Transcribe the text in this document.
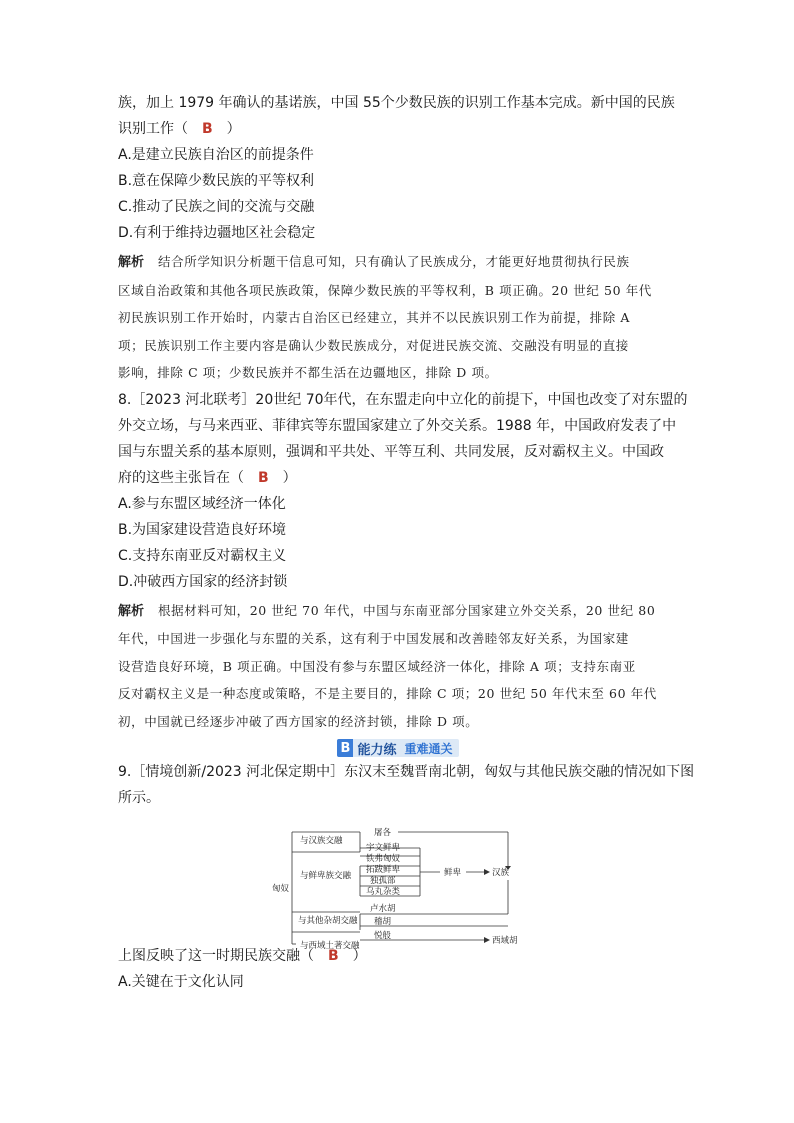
族，加上 1979 年确认的基诺族，中国 55个少数民族的识别工作基本完成。新中国的民族
识别工作（ B ）
A.是建立民族自治区的前提条件
B.意在保障少数民族的平等权利
C.推动了民族之间的交流与交融
D.有利于维持边疆地区社会稳定
解析 结合所学知识分析题干信息可知，只有确认了民族成分，才能更好地贯彻执行民族
区域自治政策和其他各项民族政策，保障少数民族的平等权利，B 项正确。20 世纪 50 年代
初民族识别工作开始时，内蒙古自治区已经建立，其并不以民族识别工作为前提，排除 A
项；民族识别工作主要内容是确认少数民族成分，对促进民族交流、交融没有明显的直接
影响，排除 C 项；少数民族并不都生活在边疆地区，排除 D 项。
8.［2023 河北联考］20世纪 70年代，在东盟走向中立化的前提下，中国也改变了对东盟的
外交立场，与马来西亚、菲律宾等东盟国家建立了外交关系。1988 年，中国政府发表了中
国与东盟关系的基本原则，强调和平共处、平等互利、共同发展，反对霸权主义。中国政
府的这些主张旨在（ B ）
A.参与东盟区域经济一体化
B.为国家建设营造良好环境
C.支持东南亚反对霸权主义
D.冲破西方国家的经济封锁
解析 根据材料可知，20 世纪 70 年代，中国与东南亚部分国家建立外交关系，20 世纪 80
年代，中国进一步强化与东盟的关系，这有利于中国发展和改善睦邻友好关系，为国家建
设营造良好环境，B 项正确。中国没有参与东盟区域经济一体化，排除 A 项；支持东南亚
反对霸权主义是一种态度或策略，不是主要目的，排除 C 项；20 世纪 50 年代末至 60 年代
初，中国就已经逐步冲破了西方国家的经济封锁，排除 D 项。
B 能力练 重难通关
9.［情境创新/2023 河北保定期中］东汉末至魏晋南北朝，匈奴与其他民族交融的情况如下图
所示。
上图反映了这一时期民族交融（ B ）
A.关键在于文化认同
匈奴
与汉族交融
与鲜卑族交融
与其他杂胡交融
与西域土著交融
屠各
宇文鲜卑
铁弗匈奴
拓跋鲜卑
独孤部
乌丸杂类
卢水胡
稽胡
悦般
鲜卑	汉族
西域胡
